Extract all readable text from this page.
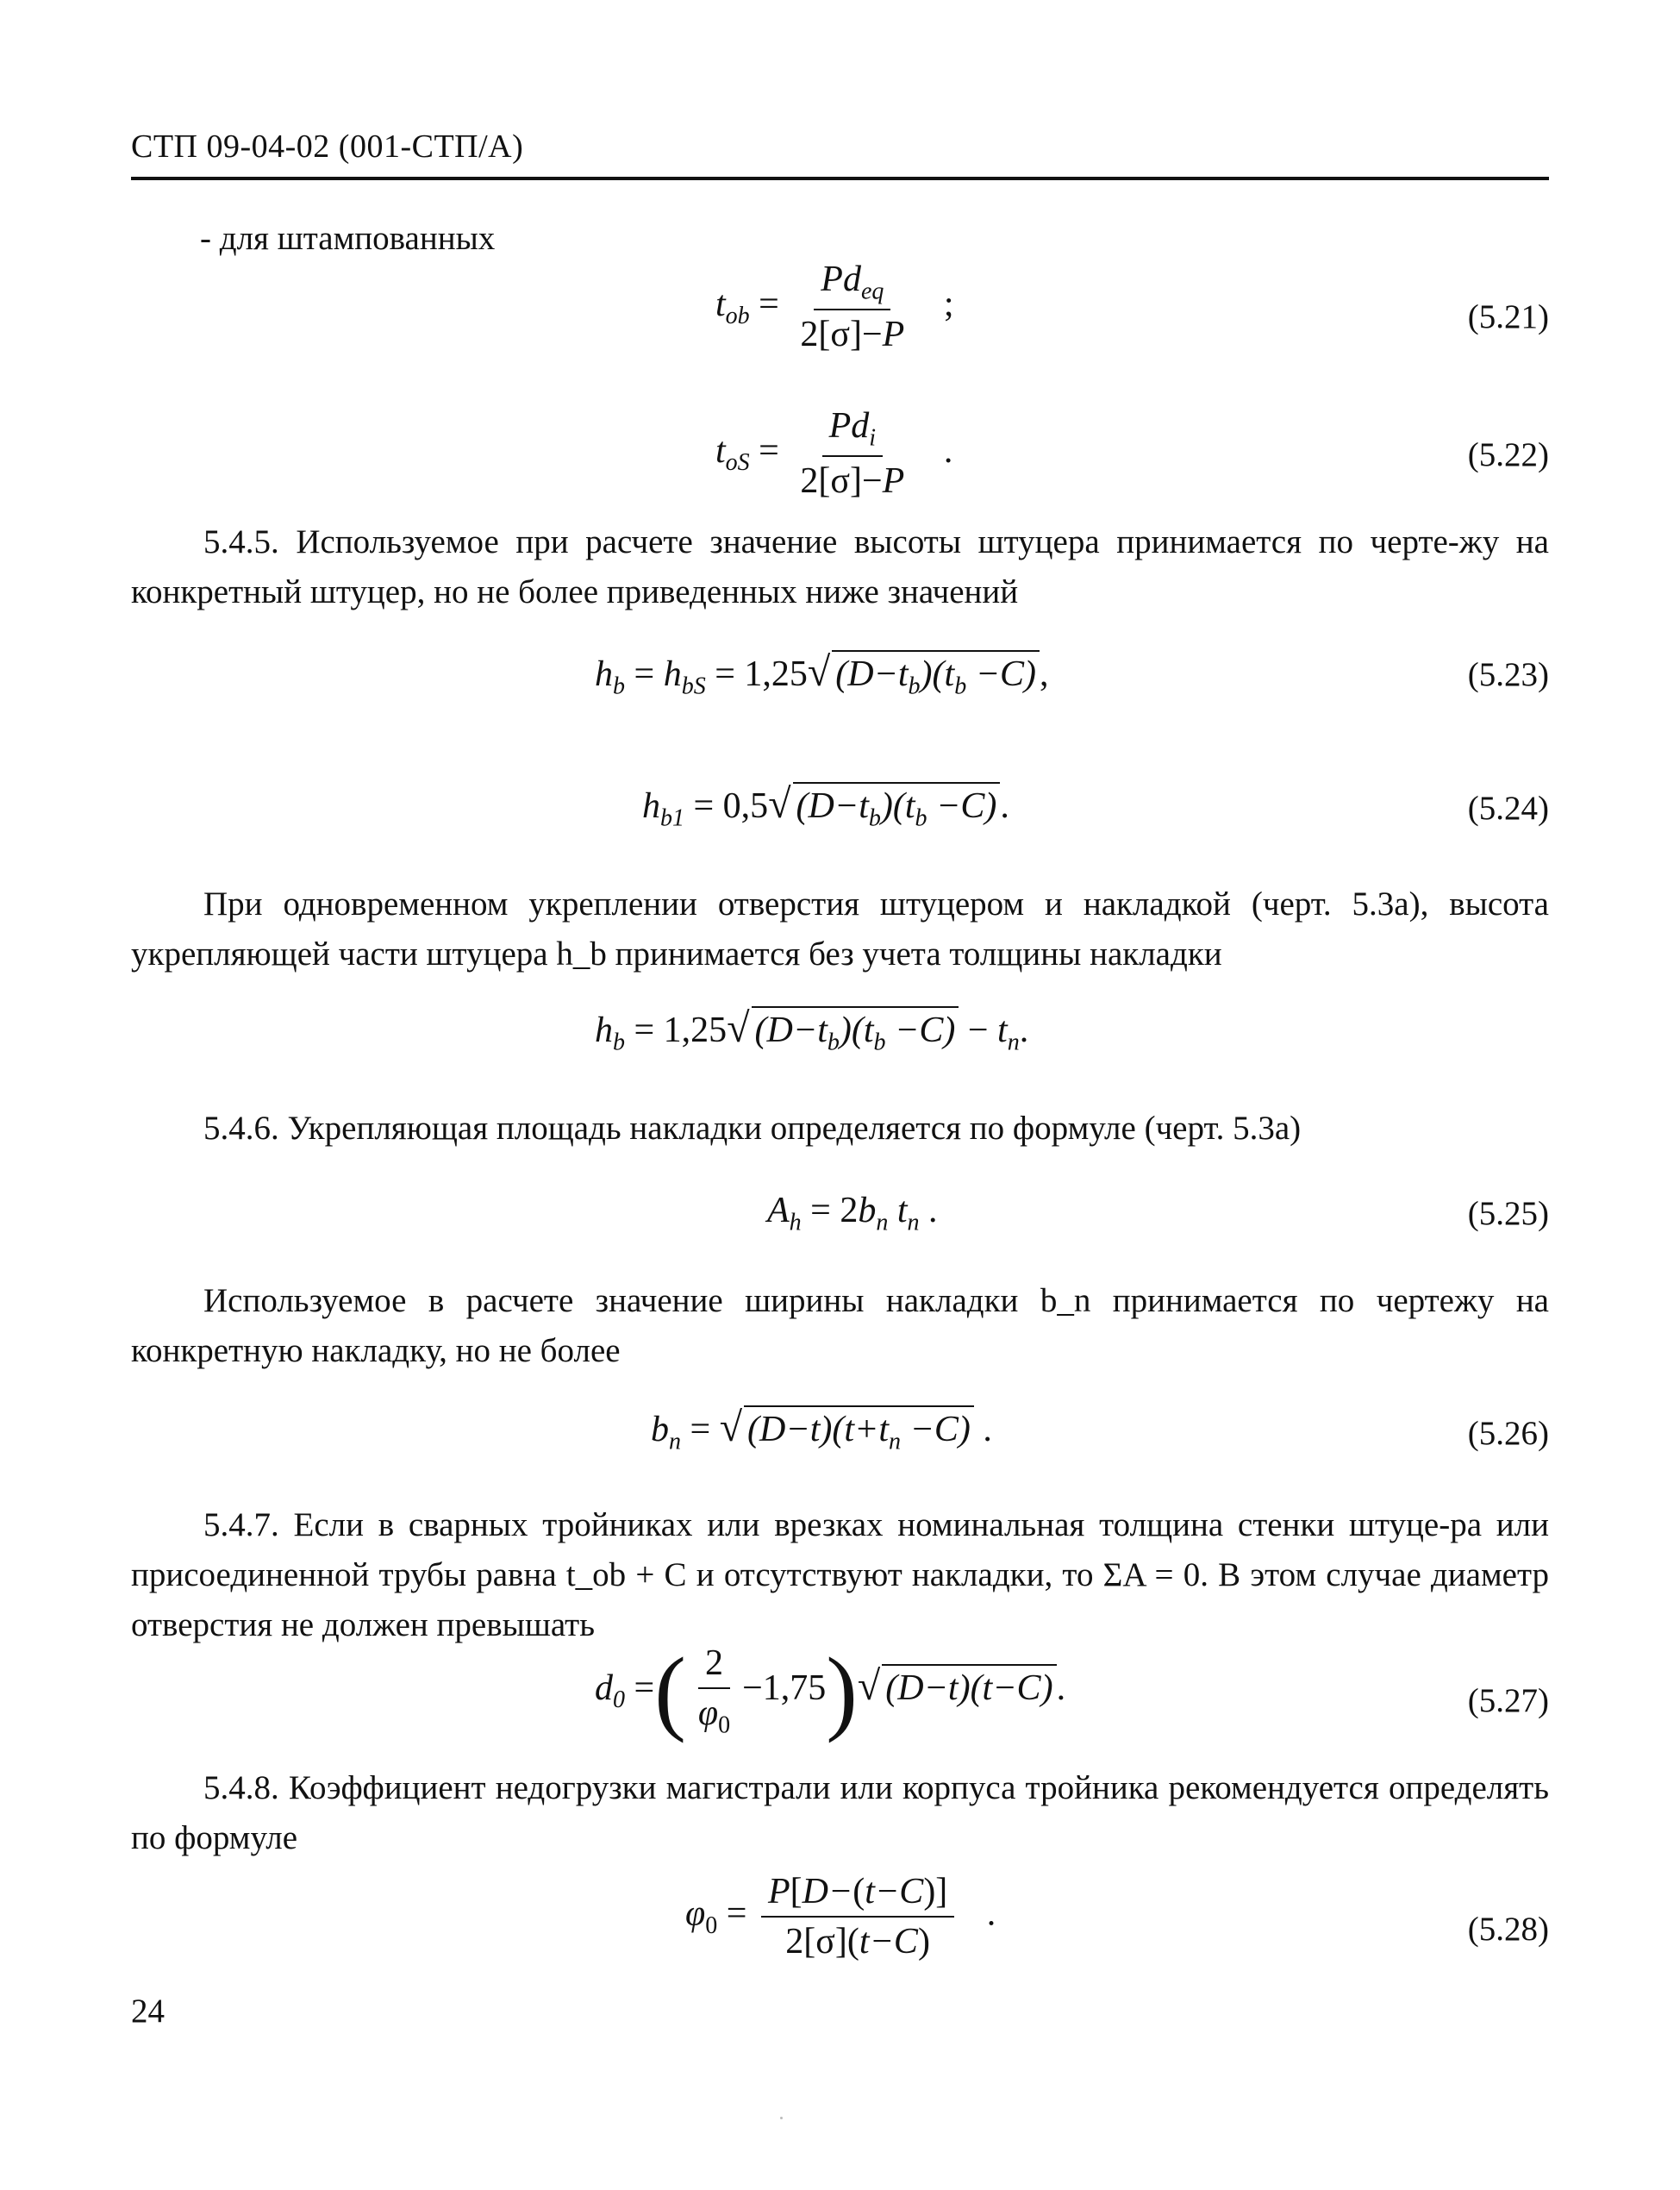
СТП 09-04-02 (001-СТП/А)
- для штампованных
$t_{ob} = \frac{Pd_{eq}}{2[\sigma]-P}$ ;	(5.21)
$t_{oS} = \frac{Pd_i}{2[\sigma]-P}$ .	(5.22)
5.4.5. Используемое при расчете значение высоты штуцера принимается по черте-жу на конкретный штуцер, но не более приведенных ниже значений
$h_b = h_{bS} = 1,25√$ $(D-t_b)(t_b -C)$,	(5.23)
$h_{b1} = 0,5√$ $(D-t_b)(t_b -C)$.	(5.24)
При одновременном укреплении отверстия штуцером и накладкой (черт. 5.3а), высота укрепляющей части штуцера h_b принимается без учета толщины накладки
$h_b = 1,25√$ $(D-t_b)(t_b -C) - t_n$.
5.4.6. Укрепляющая площадь накладки определяется по формуле (черт. 5.3а)
$A_h = 2b_n$ $t_n$ .	(5.25)
Используемое в расчете значение ширины накладки b_n принимается по чертежу на конкретную накладку, но не более
$b_n$ = √ $(D-t)(t+t_n -C)$ .	(5.26)
5.4.7. Если в сварных тройниках или врезках номинальная толщина стенки штуце-ра или присоединенной трубы равна t_ob + C и отсутствуют накладки, то ΣA = 0. В этом случае диаметр отверстия не должен превышать
$d_0$ =( $\frac{2}{\varphi_0} -1,75)√$ (D−t)(t−C).	(5.27)
5.4.8. Коэффициент недогрузки магистрали или корпуса тройника рекомендуется определять по формуле
$\varphi_0 = \frac{P[D-(t-C)]}{2[\sigma](t-C)}$ .	(5.28)
24
